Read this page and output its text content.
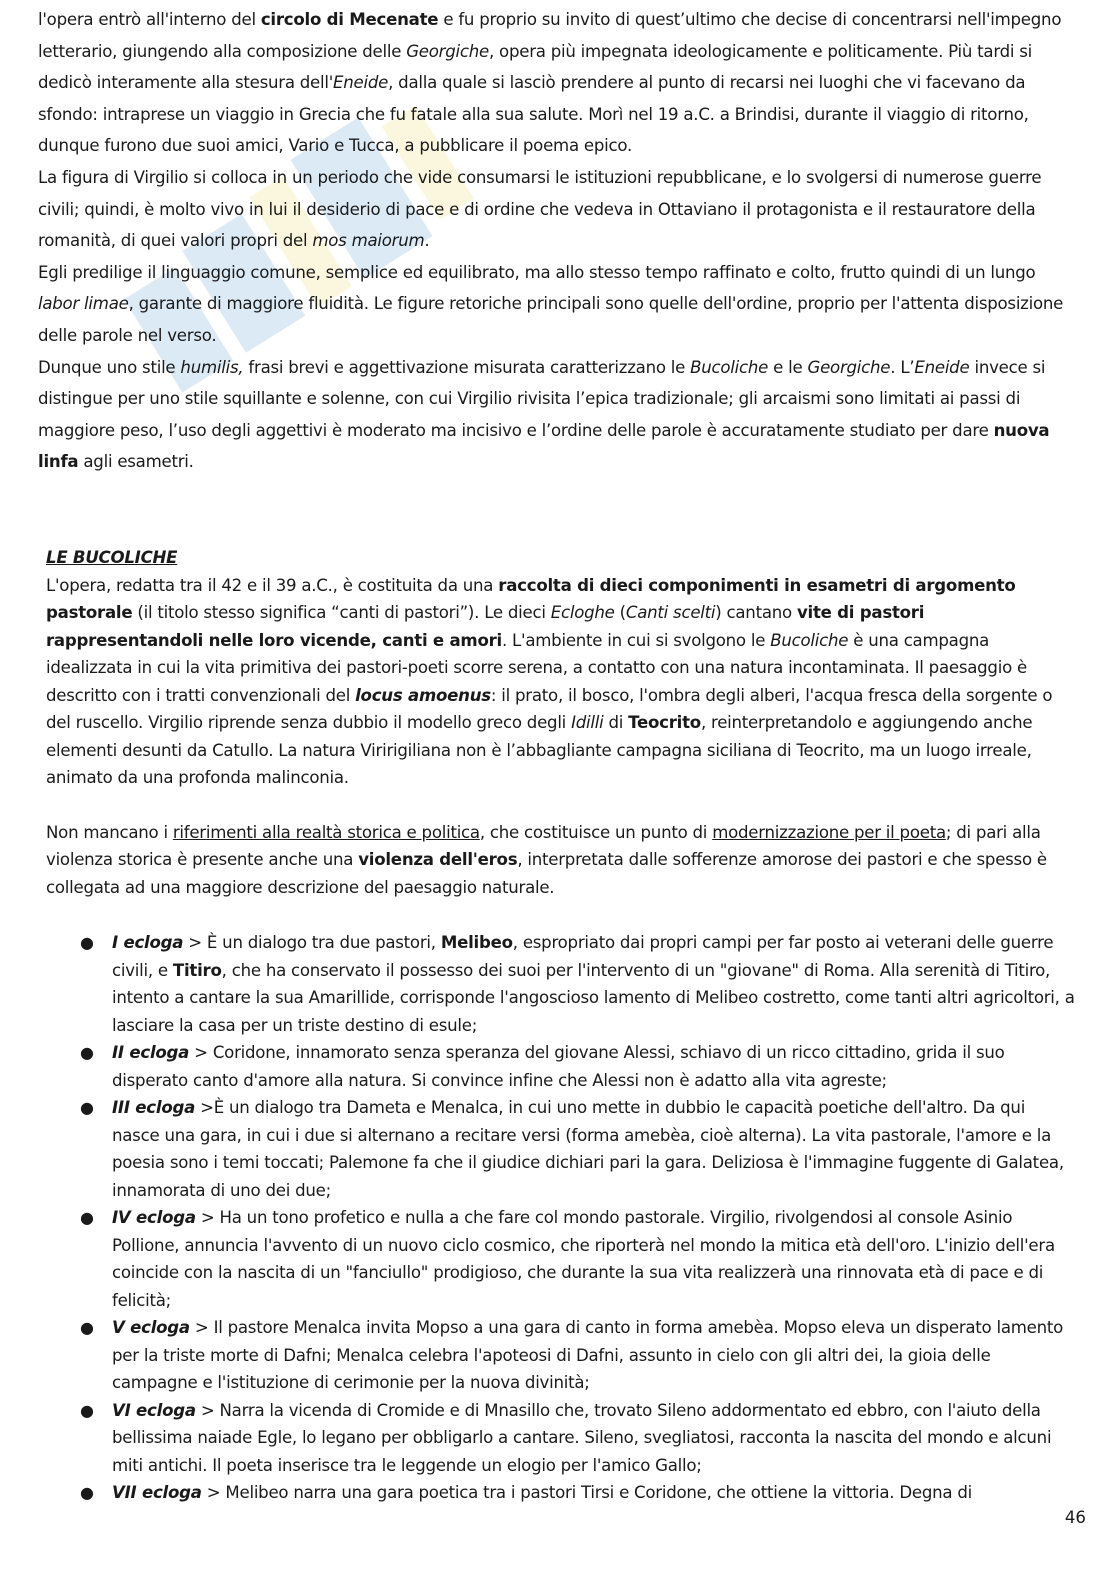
l'opera entrò all'interno del circolo di Mecenate e fu proprio su invito di quest’ultimo che decise di concentrarsi nell'impegno letterario, giungendo alla composizione delle Georgiche, opera più impegnata ideologicamente e politicamente. Più tardi si dedicò interamente alla stesura dell'Eneide, dalla quale si lasciò prendere al punto di recarsi nei luoghi che vi facevano da sfondo: intraprese un viaggio in Grecia che fu fatale alla sua salute. Morì nel 19 a.C. a Brindisi, durante il viaggio di ritorno, dunque furono due suoi amici, Vario e Tucca, a pubblicare il poema epico.

La figura di Virgilio si colloca in un periodo che vide consumarsi le istituzioni repubblicane, e lo svolgersi di numerose guerre civili; quindi, è molto vivo in lui il desiderio di pace e di ordine che vedeva in Ottaviano il protagonista e il restauratore della romanità, di quei valori propri del mos maiorum.

Egli predilige il linguaggio comune, semplice ed equilibrato, ma allo stesso tempo raffinato e colto, frutto quindi di un lungo labor limae, garante di maggiore fluidità. Le figure retoriche principali sono quelle dell'ordine, proprio per l'attenta disposizione delle parole nel verso.

Dunque uno stile humilis, frasi brevi e aggettivazione misurata caratterizzano le Bucoliche e le Georgiche. L’Eneide invece si distingue per uno stile squillante e solenne, con cui Virgilio rivisita l’epica tradizionale; gli arcaismi sono limitati ai passi di maggiore peso, l’uso degli aggettivi è moderato ma incisivo e l’ordine delle parole è accuratamente studiato per dare nuova linfa agli esametri.

LE BUCOLICHE

L'opera, redatta tra il 42 e il 39 a.C., è costituita da una raccolta di dieci componimenti in esametri di argomento pastorale (il titolo stesso significa “canti di pastori”). Le dieci Ecloghe (Canti scelti) cantano vite di pastori rappresentandoli nelle loro vicende, canti e amori. L'ambiente in cui si svolgono le Bucoliche è una campagna idealizzata in cui la vita primitiva dei pastori-poeti scorre serena, a contatto con una natura incontaminata. Il paesaggio è descritto con i tratti convenzionali del locus amoenus: il prato, il bosco, l'ombra degli alberi, l'acqua fresca della sorgente o del ruscello. Virgilio riprende senza dubbio il modello greco degli Idilli di Teocrito, reinterpretandolo e aggiungendo anche elementi desunti da Catullo. La natura Viririgiliana non è l’abbagliante campagna siciliana di Teocrito, ma un luogo irreale, animato da una profonda malinconia.

Non mancano i riferimenti alla realtà storica e politica, che costituisce un punto di modernizzazione per il poeta; di pari alla violenza storica è presente anche una violenza dell'eros, interpretata dalle sofferenze amorose dei pastori e che spesso è collegata ad una maggiore descrizione del paesaggio naturale.

● I ecloga > È un dialogo tra due pastori, Melibeo, espropriato dai propri campi per far posto ai veterani delle guerre civili, e Titiro, che ha conservato il possesso dei suoi per l'intervento di un "giovane" di Roma. Alla serenità di Titiro, intento a cantare la sua Amarillide, corrisponde l'angoscioso lamento di Melibeo costretto, come tanti altri agricoltori, a lasciare la casa per un triste destino di esule;
● II ecloga > Coridone, innamorato senza speranza del giovane Alessi, schiavo di un ricco cittadino, grida il suo disperato canto d'amore alla natura. Si convince infine che Alessi non è adatto alla vita agreste;
● III ecloga >È un dialogo tra Dameta e Menalca, in cui uno mette in dubbio le capacità poetiche dell'altro. Da qui nasce una gara, in cui i due si alternano a recitare versi (forma amebèa, cioè alterna). La vita pastorale, l'amore e la poesia sono i temi toccati; Palemone fa che il giudice dichiari pari la gara. Deliziosa è l'immagine fuggente di Galatea, innamorata di uno dei due;
● IV ecloga > Ha un tono profetico e nulla a che fare col mondo pastorale. Virgilio, rivolgendosi al console Asinio Pollione, annuncia l'avvento di un nuovo ciclo cosmico, che riporterà nel mondo la mitica età dell'oro. L'inizio dell'era coincide con la nascita di un "fanciullo" prodigioso, che durante la sua vita realizzerà una rinnovata età di pace e di felicità;
● V ecloga > Il pastore Menalca invita Mopso a una gara di canto in forma amebèa. Mopso eleva un disperato lamento per la triste morte di Dafni; Menalca celebra l'apoteosi di Dafni, assunto in cielo con gli altri dei, la gioia delle campagne e l'istituzione di cerimonie per la nuova divinità;
● VI ecloga > Narra la vicenda di Cromide e di Mnasillo che, trovato Sileno addormentato ed ebbro, con l'aiuto della bellissima naiade Egle, lo legano per obbligarlo a cantare. Sileno, svegliatosi, racconta la nascita del mondo e alcuni miti antichi. Il poeta inserisce tra le leggende un elogio per l'amico Gallo;
● VII ecloga > Melibeo narra una gara poetica tra i pastori Tirsi e Coridone, che ottiene la vittoria. Degna di
46
